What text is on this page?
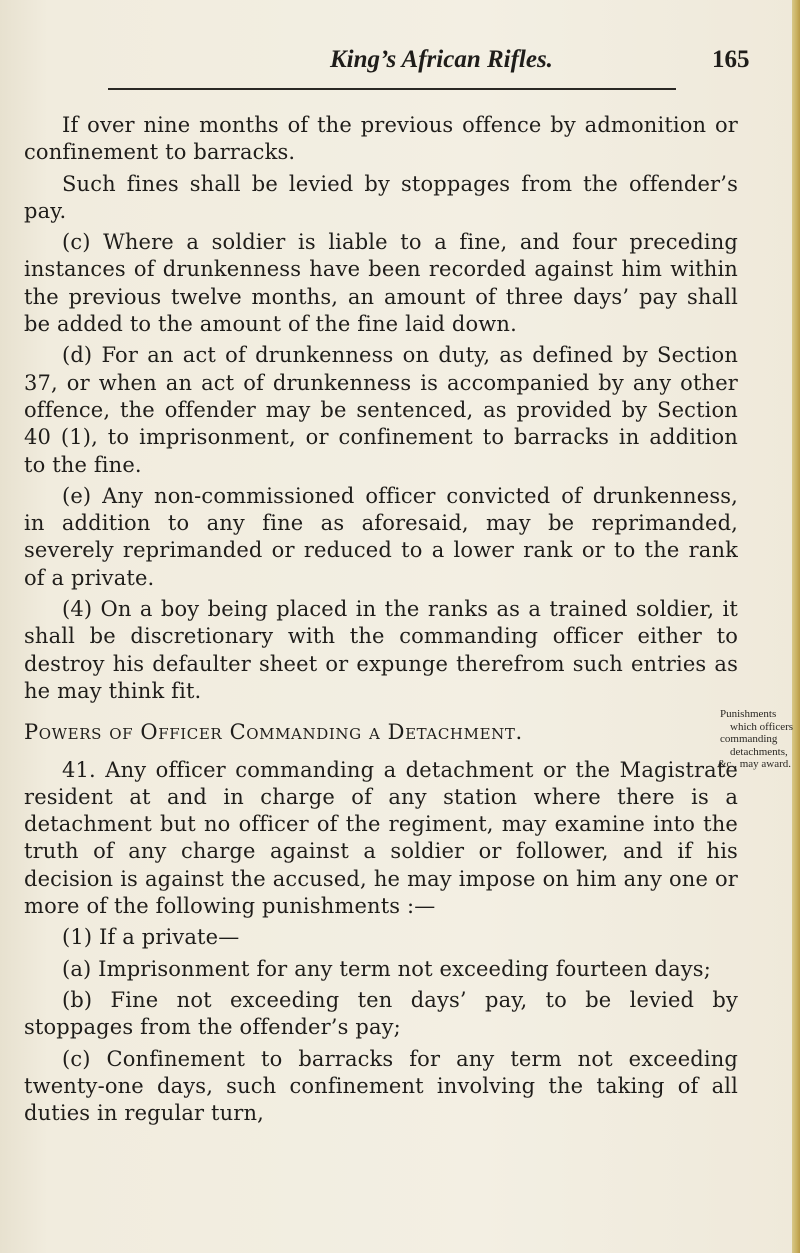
King’s African Rifles.	165

If over nine months of the previous offence by admonition or confinement to barracks.

Such fines shall be levied by stoppages from the offender’s pay.

(c) Where a soldier is liable to a fine, and four preceding instances of drunkenness have been recorded against him within the previous twelve months, an amount of three days’ pay shall be added to the amount of the fine laid down.

(d) For an act of drunkenness on duty, as defined by Section 37, or when an act of drunkenness is accompanied by any other offence, the offender may be sentenced, as provided by Section 40 (1), to imprisonment, or confinement to barracks in addition to the fine.

(e) Any non-commissioned officer convicted of drunkenness, in addition to any fine as aforesaid, may be reprimanded, severely reprimanded or reduced to a lower rank or to the rank of a private.

(4) On a boy being placed in the ranks as a trained soldier, it shall be discretionary with the commanding officer either to destroy his defaulter sheet or expunge therefrom such entries as he may think fit.

Powers of Officer Commanding a Detachment.

41. Any officer commanding a detachment or the Magistrate resident at and in charge of any station where there is a detachment but no officer of the regiment, may examine into the truth of any charge against a soldier or follower, and if his decision is against the accused, he may impose on him any one or more of the following punishments :—

(1) If a private—

(a) Imprisonment for any term not exceeding fourteen days;

(b) Fine not exceeding ten days’ pay, to be levied by stoppages from the offender’s pay;

(c) Confinement to barracks for any term not exceeding twenty-one days, such confinement involving the taking of all duties in regular turn,

Punishments
which officers
commanding
detachments,
&c., may award.
